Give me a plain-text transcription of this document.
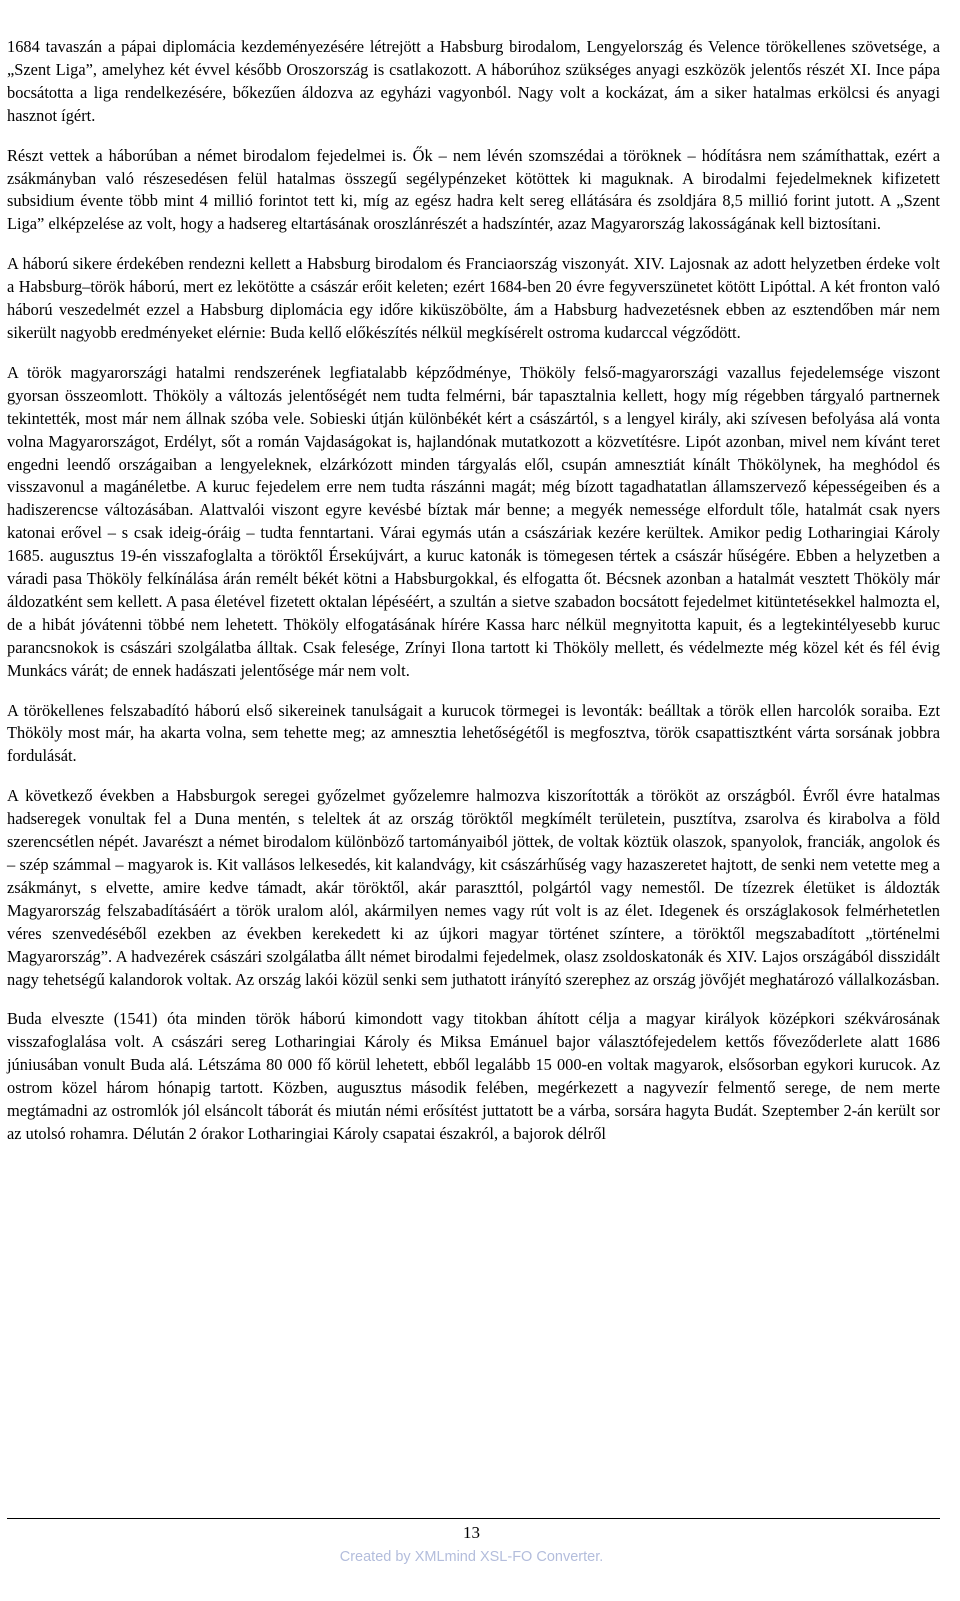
1684 tavaszán a pápai diplomácia kezdeményezésére létrejött a Habsburg birodalom, Lengyelország és Velence törökellenes szövetsége, a „Szent Liga”, amelyhez két évvel később Oroszország is csatlakozott. A háborúhoz szükséges anyagi eszközök jelentős részét XI. Ince pápa bocsátotta a liga rendelkezésére, bőkezűen áldozva az egyházi vagyonból. Nagy volt a kockázat, ám a siker hatalmas erkölcsi és anyagi hasznot ígért.

Részt vettek a háborúban a német birodalom fejedelmei is. Ők – nem lévén szomszédai a töröknek – hódításra nem számíthattak, ezért a zsákmányban való részesedésen felül hatalmas összegű segélypénzeket kötöttek ki maguknak. A birodalmi fejedelmeknek kifizetett subsidium évente több mint 4 millió forintot tett ki, míg az egész hadra kelt sereg ellátására és zsoldjára 8,5 millió forint jutott. A „Szent Liga” elképzelése az volt, hogy a hadsereg eltartásának oroszlánrészét a hadszíntér, azaz Magyarország lakosságának kell biztosítani.

A háború sikere érdekében rendezni kellett a Habsburg birodalom és Franciaország viszonyát. XIV. Lajosnak az adott helyzetben érdeke volt a Habsburg–török háború, mert ez lekötötte a császár erőit keleten; ezért 1684-ben 20 évre fegyverszünetet kötött Lipóttal. A két fronton való háború veszedelmét ezzel a Habsburg diplomácia egy időre kiküszöbölte, ám a Habsburg hadvezetésnek ebben az esztendőben már nem sikerült nagyobb eredményeket elérnie: Buda kellő előkészítés nélkül megkísérelt ostroma kudarccal végződött.

A török magyarországi hatalmi rendszerének legfiatalabb képződménye, Thököly felső-magyarországi vazallus fejedelemsége viszont gyorsan összeomlott. Thököly a változás jelentőségét nem tudta felmérni, bár tapasztalnia kellett, hogy míg régebben tárgyaló partnernek tekintették, most már nem állnak szóba vele. Sobieski útján különbékét kért a császártól, s a lengyel király, aki szívesen befolyása alá vonta volna Magyarországot, Erdélyt, sőt a román Vajdaságokat is, hajlandónak mutatkozott a közvetítésre. Lipót azonban, mivel nem kívánt teret engedni leendő országaiban a lengyeleknek, elzárkózott minden tárgyalás elől, csupán amnesztiát kínált Thökölynek, ha meghódol és visszavonul a magánéletbe. A kuruc fejedelem erre nem tudta rászánni magát; még bízott tagadhatatlan államszervező képességeiben és a hadiszerencse változásában. Alattvalói viszont egyre kevésbé bíztak már benne; a megyék nemessége elfordult tőle, hatalmát csak nyers katonai erővel – s csak ideig-óráig – tudta fenntartani. Várai egymás után a császáriak kezére kerültek. Amikor pedig Lotharingiai Károly 1685. augusztus 19-én visszafoglalta a töröktől Érsekújvárt, a kuruc katonák is tömegesen tértek a császár hűségére. Ebben a helyzetben a váradi pasa Thököly felkínálása árán remélt békét kötni a Habsburgokkal, és elfogatta őt. Bécsnek azonban a hatalmát vesztett Thököly már áldozatként sem kellett. A pasa életével fizetett oktalan lépéséért, a szultán a sietve szabadon bocsátott fejedelmet kitüntetésekkel halmozta el, de a hibát jóvátenni többé nem lehetett. Thököly elfogatásának hírére Kassa harc nélkül megnyitotta kapuit, és a legtekintélyesebb kuruc parancsnokok is császári szolgálatba álltak. Csak felesége, Zrínyi Ilona tartott ki Thököly mellett, és védelmezte még közel két és fél évig Munkács várát; de ennek hadászati jelentősége már nem volt.

A törökellenes felszabadító háború első sikereinek tanulságait a kurucok törmegei is levonták: beálltak a török ellen harcolók soraiba. Ezt Thököly most már, ha akarta volna, sem tehette meg; az amnesztia lehetőségétől is megfosztva, török csapattisztként várta sorsának jobbra fordulását.

A következő években a Habsburgok seregei győzelmet győzelemre halmozva kiszorították a törököt az országból. Évről évre hatalmas hadseregek vonultak fel a Duna mentén, s teleltek át az ország töröktől megkímélt területein, pusztítva, zsarolva és kirabolva a föld szerencsétlen népét. Javarészt a német birodalom különböző tartományaiból jöttek, de voltak köztük olaszok, spanyolok, franciák, angolok és – szép számmal – magyarok is. Kit vallásos lelkesedés, kit kalandvágy, kit császárhűség vagy hazaszeretet hajtott, de senki nem vetette meg a zsákmányt, s elvette, amire kedve támadt, akár töröktől, akár paraszttól, polgártól vagy nemestől. De tízezrek életüket is áldozták Magyarország felszabadításáért a török uralom alól, akármilyen nemes vagy rút volt is az élet. Idegenek és országlakosok felmérhetetlen véres szenvedéséből ezekben az években kerekedett ki az újkori magyar történet színtere, a töröktől megszabadított „történelmi Magyarország”. A hadvezérek császári szolgálatba állt német birodalmi fejedelmek, olasz zsoldoskatonák és XIV. Lajos országából disszidált nagy tehetségű kalandorok voltak. Az ország lakói közül senki sem juthatott irányító szerephez az ország jövőjét meghatározó vállalkozásban.

Buda elveszte (1541) óta minden török háború kimondott vagy titokban áhított célja a magyar királyok középkori székvárosának visszafoglalása volt. A császári sereg Lotharingiai Károly és Miksa Emánuel bajor választófejedelem kettős főveződerlete alatt 1686 júniusában vonult Buda alá. Létszáma 80 000 fő körül lehetett, ebből legalább 15 000-en voltak magyarok, elsősorban egykori kurucok. Az ostrom közel három hónapig tartott. Közben, augusztus második felében, megérkezett a nagyvezír felmentő serege, de nem merte megtámadni az ostromlók jól elsáncolt táborát és miután némi erősítést juttatott be a várba, sorsára hagyta Budát. Szeptember 2-án került sor az utolsó rohamra. Délután 2 órakor Lotharingiai Károly csapatai északról, a bajorok délről

13
Created by XMLmind XSL-FO Converter.
